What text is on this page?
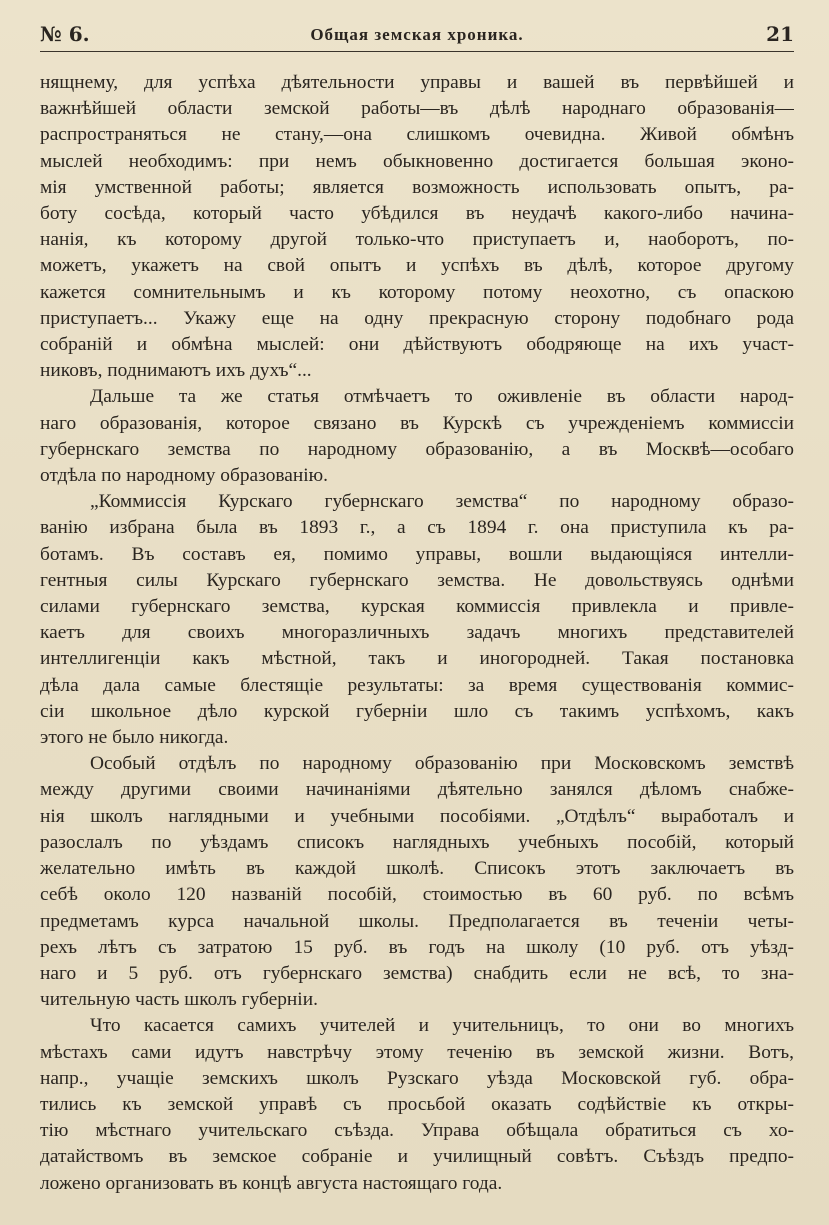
№ 6.	Общая земская хроника.	21
нящнему, для успѣха дѣятельности управы и вашей въ первѣйшей и
важнѣйшей области земской работы—въ дѣлѣ народнаго образованія—
распространяться не стану,—она слишкомъ очевидна. Живой обмѣнъ
мыслей необходимъ: при немъ обыкновенно достигается большая эконо-
мія умственной работы; является возможность использовать опытъ, ра-
боту сосѣда, который часто убѣдился въ неудачѣ какого-либо начина-
нанія, къ которому другой только-что приступаетъ и, наоборотъ, по-
можетъ, укажетъ на свой опытъ и успѣхъ въ дѣлѣ, которое другому
кажется сомнительнымъ и къ которому потому неохотно, съ опаскою
приступаетъ... Укажу еще на одну прекрасную сторону подобнаго рода
собраній и обмѣна мыслей: они дѣйствуютъ ободряюще на ихъ участ-
никовъ, поднимаютъ ихъ духъ“...
Дальше та же статья отмѣчаетъ то оживленіе въ области народ-
наго образованія, которое связано въ Курскѣ съ учрежденіемъ коммиссіи
губернскаго земства по народному образованію, а въ Москвѣ—особаго
отдѣла по народному образованію.
„Коммиссія Курскаго губернскаго земства“ по народному образо-
ванію избрана была въ 1893 г., а съ 1894 г. она приступила къ ра-
ботамъ. Въ составъ ея, помимо управы, вошли выдающіяся интелли-
гентныя силы Курскаго губернскаго земства. Не довольствуясь однѣми
силами губернскаго земства, курская коммиссія привлекла и привле-
каетъ для своихъ многоразличныхъ задачъ многихъ представителей
интеллигенціи какъ мѣстной, такъ и иногородней. Такая постановка
дѣла дала самые блестящіе результаты: за время существованія коммис-
сіи школьное дѣло курской губерніи шло съ такимъ успѣхомъ, какъ
этого не было никогда.
Особый отдѣлъ по народному образованію при Московскомъ земствѣ
между другими своими начинаніями дѣятельно занялся дѣломъ снабже-
нія школъ наглядными и учебными пособіями. „Отдѣлъ“ выработалъ и
разослалъ по уѣздамъ списокъ наглядныхъ учебныхъ пособій, который
желательно имѣть въ каждой школѣ. Списокъ этотъ заключаетъ въ
себѣ около 120 названій пособій, стоимостью въ 60 руб. по всѣмъ
предметамъ курса начальной школы. Предполагается въ теченіи четы-
рехъ лѣтъ съ затратою 15 руб. въ годъ на школу (10 руб. отъ уѣзд-
наго и 5 руб. отъ губернскаго земства) снабдить если не всѣ, то зна-
чительную часть школъ губерніи.
Что касается самихъ учителей и учительницъ, то они во многихъ
мѣстахъ сами идутъ навстрѣчу этому теченію въ земской жизни. Вотъ,
напр., учащіе земскихъ школъ Рузскаго уѣзда Московской губ. обра-
тились къ земской управѣ съ просьбой оказать содѣйствіе къ откры-
тію мѣстнаго учительскаго съѣзда. Управа обѣщала обратиться съ хо-
датайствомъ въ земское собраніе и училищный совѣтъ. Съѣздъ предпо-
ложено организовать въ концѣ августа настоящаго года.
